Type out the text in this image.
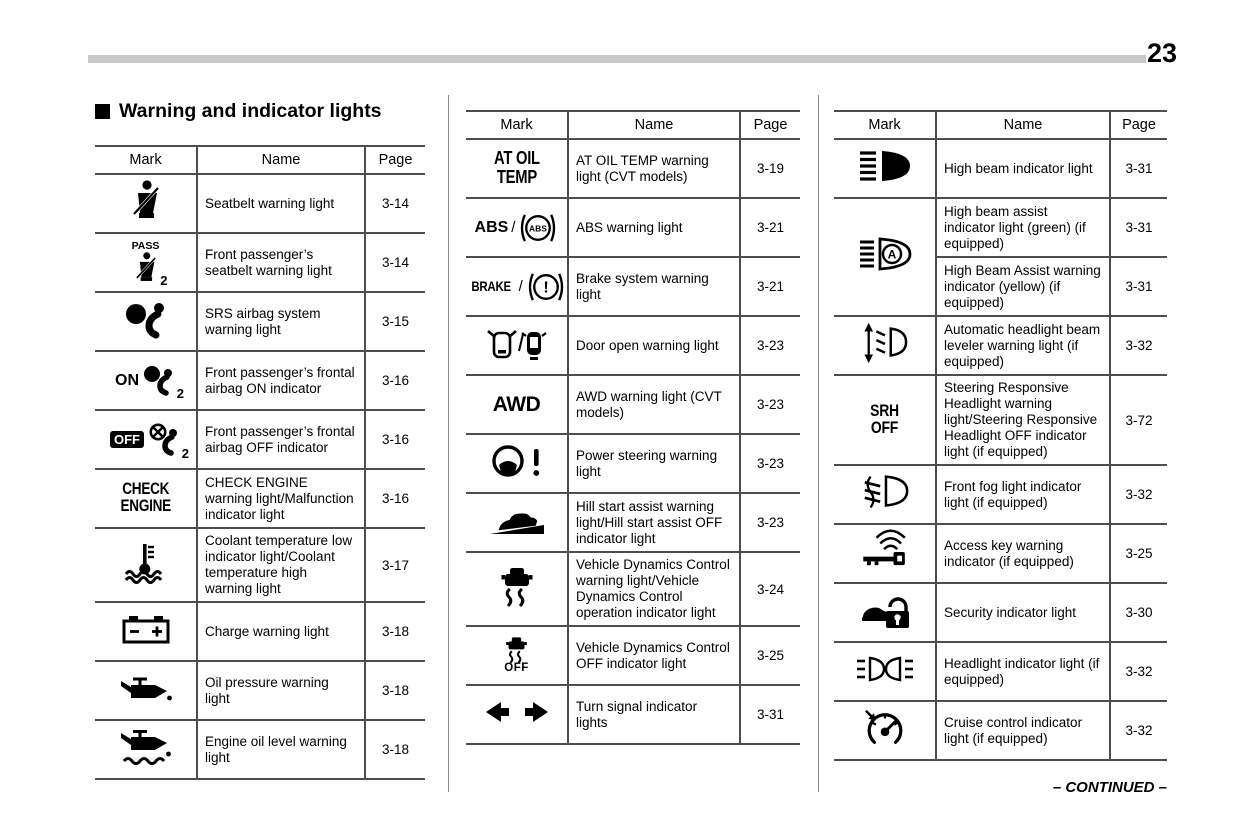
23
Warning and indicator lights
Mark	Name	Page
	Seatbelt warning light	3-14

PASS
2	Front passenger’s seatbelt warning light	3-14
	SRS airbag system warning light	3-15

ON
2	Front passenger’s frontal airbag ON indicator	3-16

OFF
2	Front passenger’s frontal airbag OFF indicator	3-16
CHECK
ENGINE	CHECK ENGINE warning light/Malfunction indicator light	3-16
	Coolant temperature low indicator light/Coolant temperature high warning light	3-17
	Charge warning light	3-18
	Oil pressure warning light	3-18
	Engine oil level warning light	3-18
Mark	Name	Page
AT OIL
TEMP	AT OIL TEMP warning light (CVT models)	3-19

ABS / ABS	ABS warning light	3-21

BRAKE / !	Brake system warning light	3-21
	Door open warning light	3-23
AWD	AWD warning light (CVT models)	3-23
	Power steering warning light	3-23
	Hill start assist warning light/Hill start assist OFF indicator light	3-23
	Vehicle Dynamics Control warning light/Vehicle Dynamics Control operation indicator light	3-24

OFF	Vehicle Dynamics Control OFF indicator light	3-25
	Turn signal indicator lights	3-31
Mark	Name	Page
	High beam indicator light	3-31

A	High beam assist indicator light (green) (if equipped)	3-31
	High Beam Assist warning indicator (yellow) (if equipped)	3-31
	Automatic headlight beam leveler warning light (if equipped)	3-32
SRH
OFF	Steering Responsive Headlight warning light/Steering Responsive Headlight OFF indicator light (if equipped)	3-72
	Front fog light indicator light (if equipped)	3-32
	Access key warning indicator (if equipped)	3-25
	Security indicator light	3-30
	Headlight indicator light (if equipped)	3-32
	Cruise control indicator light (if equipped)	3-32
– CONTINUED –
